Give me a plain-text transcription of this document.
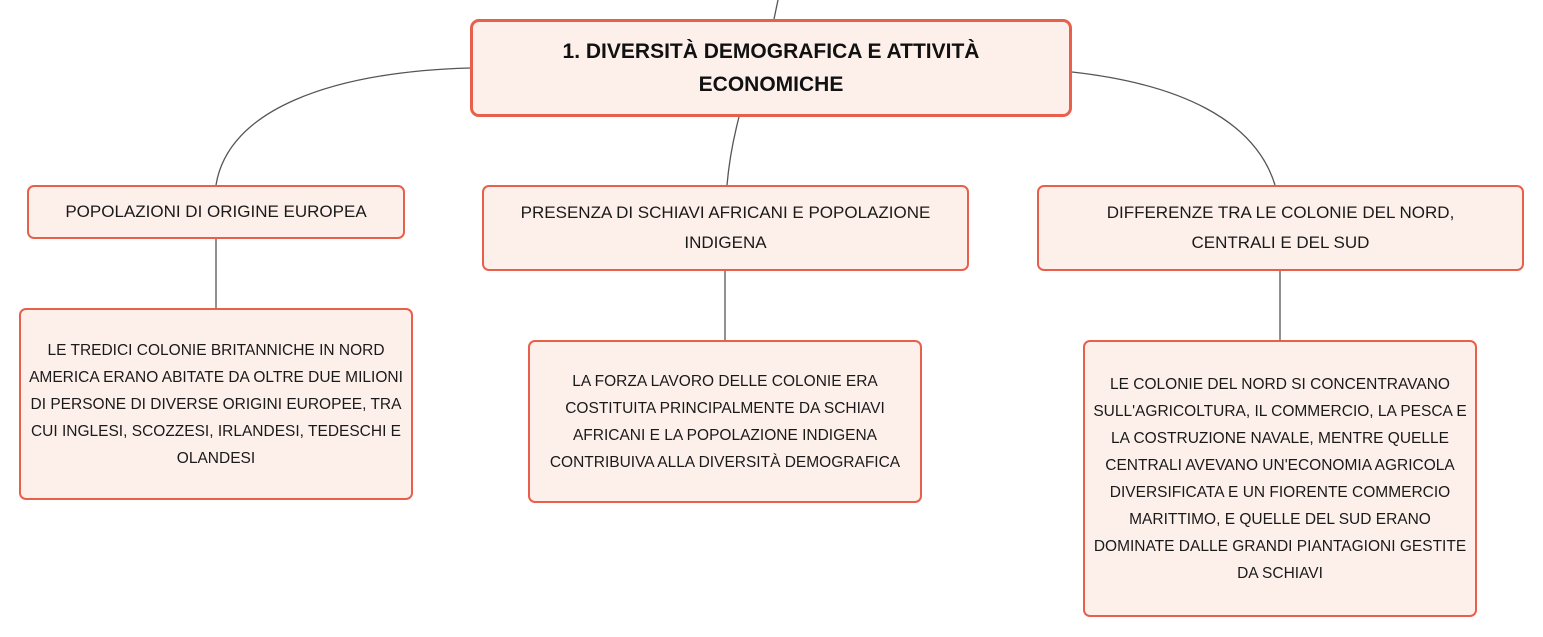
1. DIVERSITÀ DEMOGRAFICA E ATTIVITÀ ECONOMICHE
POPOLAZIONI DI ORIGINE EUROPEA	PRESENZA DI SCHIAVI AFRICANI E POPOLAZIONE INDIGENA
DIFFERENZE TRA LE COLONIE DEL NORD, CENTRALI E DEL SUD
LE TREDICI COLONIE BRITANNICHE IN NORD AMERICA ERANO ABITATE DA OLTRE DUE MILIONI DI PERSONE DI DIVERSE ORIGINI EUROPEE, TRA CUI INGLESI, SCOZZESI, IRLANDESI, TEDESCHI E OLANDESI
LA FORZA LAVORO DELLE COLONIE ERA COSTITUITA PRINCIPALMENTE DA SCHIAVI AFRICANI E LA POPOLAZIONE INDIGENA CONTRIBUIVA ALLA DIVERSITÀ DEMOGRAFICA
LE COLONIE DEL NORD SI CONCENTRAVANO SULL'AGRICOLTURA, IL COMMERCIO, LA PESCA E LA COSTRUZIONE NAVALE, MENTRE QUELLE CENTRALI AVEVANO UN'ECONOMIA AGRICOLA DIVERSIFICATA E UN FIORENTE COMMERCIO MARITTIMO, E QUELLE DEL SUD ERANO DOMINATE DALLE GRANDI PIANTAGIONI GESTITE DA SCHIAVI
